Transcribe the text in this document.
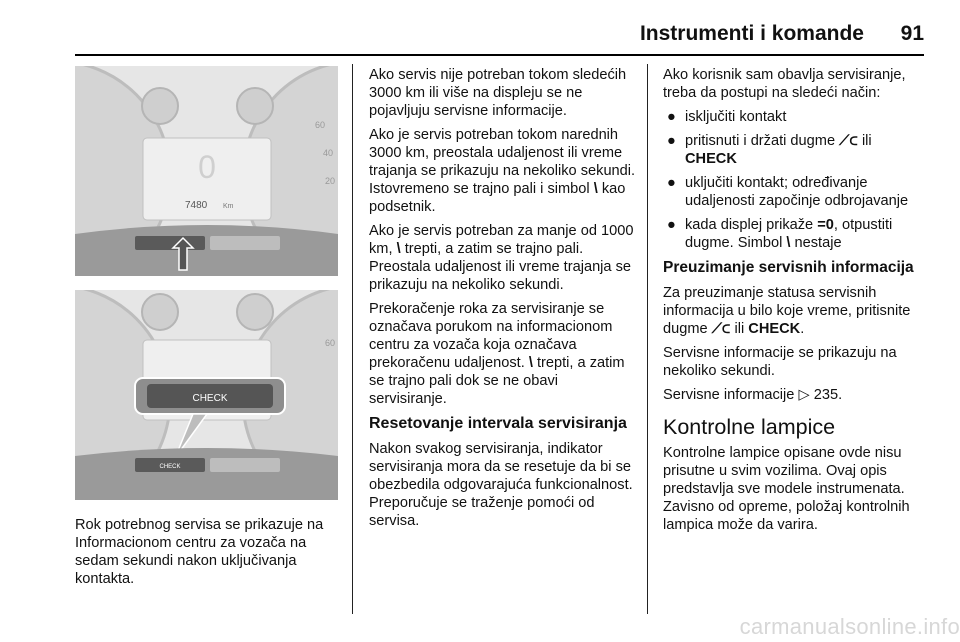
Instrumenti i komande 91
0
7480 Km
60
40
20
CHECK
60
CHECK

Rok potrebnog servisa se prikazuje na Informacionom centru za vozača na sedam sekundi nakon uključivanja kontakta.

Ako servis nije potreban tokom sledećih 3000 km ili više na displeju se ne pojavljuju servisne informacije.

Ako je servis potreban tokom narednih 3000 km, preostala udaljenost ili vreme trajanja se prikazuju na nekoliko sekundi. Istovremeno se trajno pali i simbol \ kao podsetnik.

Ako je servis potreban za manje od 1000 km, \ trepti, a zatim se trajno pali. Preostala udaljenost ili vreme trajanja se prikazuju na nekoliko sekundi.

Prekoračenje roka za servisiranje se označava porukom na informacionom centru za vozača koja označava prekoračenu udaljenost. \ trepti, a zatim se trajno pali dok se ne obavi servisiranje.

Resetovanje intervala servisiranja

Nakon svakog servisiranja, indikator servisiranja mora da se resetuje da bi se obezbedila odgovarajuća funkcionalnost. Preporučuje se traženje pomoći od servisa.

Ako korisnik sam obavlja servisiranje, treba da postupi na sledeći način:

● isključiti kontakt
● pritisnuti i držati dugme ⟋⊂ ili
CHECK
● uključiti kontakt; određivanje udaljenosti započinje odbrojavanje
● kada displej prikaže =0, otpustiti dugme. Simbol \ nestaje
Preuzimanje servisnih informacija

Za preuzimanje statusa servisnih informacija u bilo koje vreme, pritisnite dugme ⟋⊂ ili CHECK.

Servisne informacije se prikazuju na nekoliko sekundi.

Servisne informacije ▷ 235.

Kontrolne lampice

Kontrolne lampice opisane ovde nisu prisutne u svim vozilima. Ovaj opis predstavlja sve modele instrumenata. Zavisno od opreme, položaj kontrolnih lampica može da varira.

carmanualsonline.info
